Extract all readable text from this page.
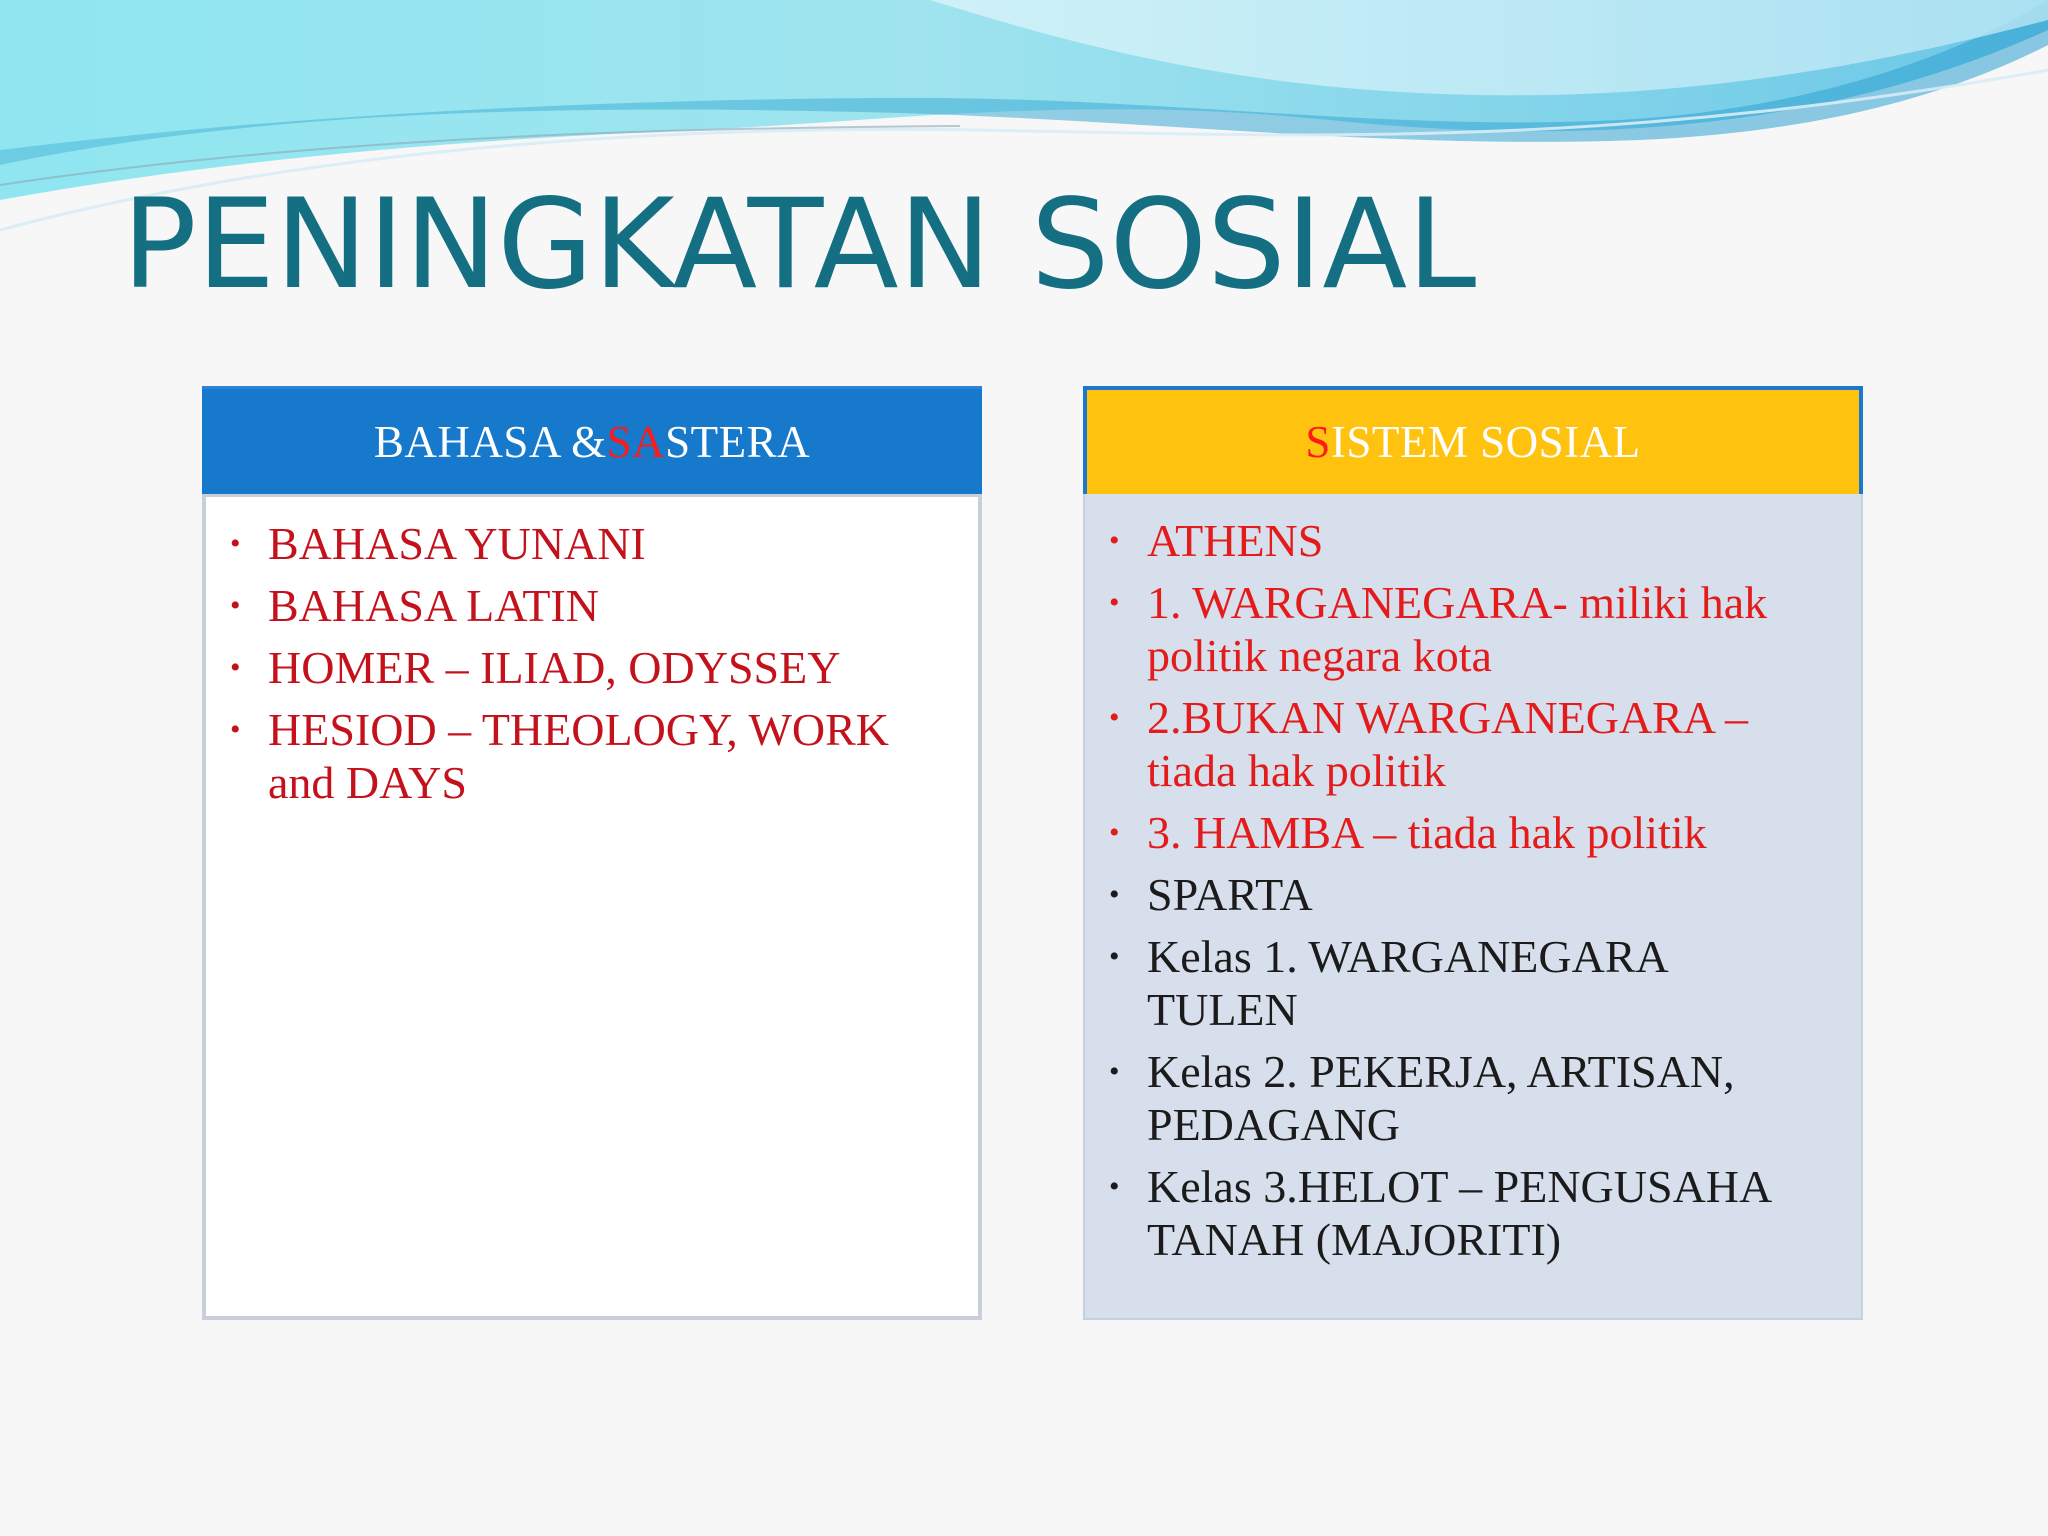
PENINGKATAN SOSIAL
BAHASA & SA STERA
• BAHASA YUNANI
• BAHASA LATIN
• HOMER – ILIAD, ODYSSEY
• HESIOD – THEOLOGY, WORK and DAYS
S ISTEM SOSIAL
• ATHENS
• 1. WARGANEGARA- miliki hak politik negara kota
• 2.BUKAN WARGANEGARA – tiada hak politik
• 3. HAMBA – tiada hak politik
• SPARTA
• Kelas 1. WARGANEGARA TULEN
• Kelas 2. PEKERJA, ARTISAN, PEDAGANG
• Kelas 3.HELOT – PENGUSAHA TANAH (MAJORITI)
